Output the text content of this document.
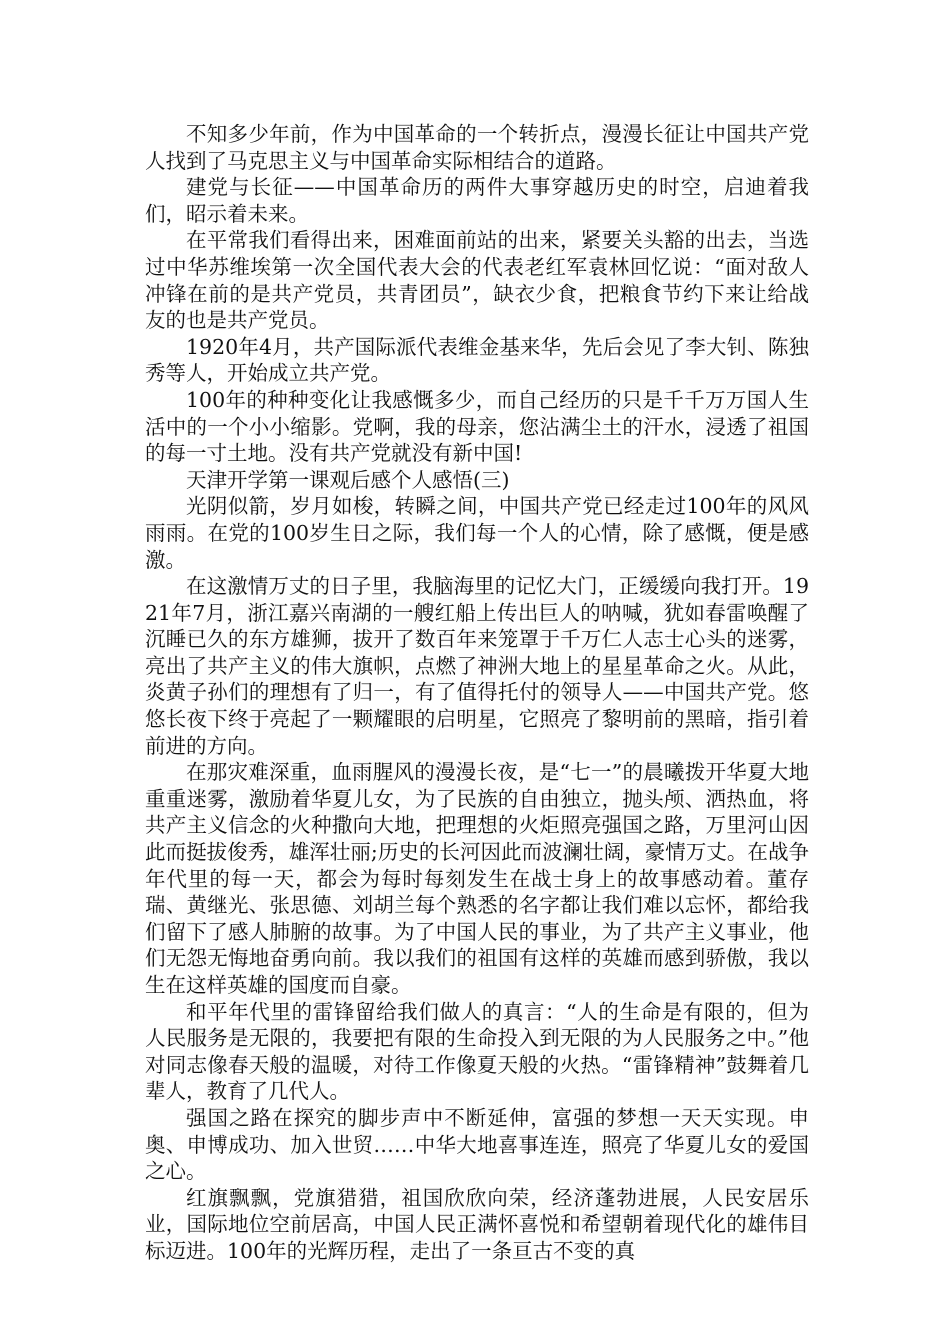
不知多少年前，作为中国革命的一个转折点，漫漫长征让中国共产党人找到了马克思主义与中国革命实际相结合的道路。

建党与长征——中国革命历的两件大事穿越历史的时空，启迪着我们，昭示着未来。

在平常我们看得出来，困难面前站的出来，紧要关头豁的出去，当选过中华苏维埃第一次全国代表大会的代表老红军袁林回忆说：“面对敌人冲锋在前的是共产党员，共青团员”，缺衣少食，把粮食节约下来让给战友的也是共产党员。

1920年4月，共产国际派代表维金基来华，先后会见了李大钊、陈独秀等人，开始成立共产党。

100年的种种变化让我感慨多少，而自己经历的只是千千万万国人生活中的一个小小缩影。党啊，我的母亲，您沾满尘土的汗水，浸透了祖国的每一寸土地。没有共产党就没有新中国!

天津开学第一课观后感个人感悟(三)

光阴似箭，岁月如梭，转瞬之间，中国共产党已经走过100年的风风雨雨。在党的100岁生日之际，我们每一个人的心情，除了感慨，便是感激。

在这激情万丈的日子里，我脑海里的记忆大门，正缓缓向我打开。1921年7月，浙江嘉兴南湖的一艘红船上传出巨人的呐喊，犹如春雷唤醒了沉睡已久的东方雄狮，拔开了数百年来笼罩于千万仁人志士心头的迷雾，亮出了共产主义的伟大旗帜，点燃了神洲大地上的星星革命之火。从此，炎黄子孙们的理想有了归一，有了值得托付的领导人——中国共产党。悠悠长夜下终于亮起了一颗耀眼的启明星，它照亮了黎明前的黑暗，指引着前进的方向。

在那灾难深重，血雨腥风的漫漫长夜，是“七一”的晨曦拨开华夏大地重重迷雾，激励着华夏儿女，为了民族的自由独立，抛头颅、洒热血，将共产主义信念的火种撒向大地，把理想的火炬照亮强国之路，万里河山因此而挺拔俊秀，雄浑壮丽;历史的长河因此而波澜壮阔，豪情万丈。在战争年代里的每一天，都会为每时每刻发生在战士身上的故事感动着。董存瑞、黄继光、张思德、刘胡兰每个熟悉的名字都让我们难以忘怀，都给我们留下了感人肺腑的故事。为了中国人民的事业，为了共产主义事业，他们无怨无悔地奋勇向前。我以我们的祖国有这样的英雄而感到骄傲，我以生在这样英雄的国度而自豪。

和平年代里的雷锋留给我们做人的真言：“人的生命是有限的，但为人民服务是无限的，我要把有限的生命投入到无限的为人民服务之中。”他对同志像春天般的温暖，对待工作像夏天般的火热。“雷锋精神”鼓舞着几辈人，教育了几代人。

强国之路在探究的脚步声中不断延伸，富强的梦想一天天实现。申奥、申博成功、加入世贸……中华大地喜事连连，照亮了华夏儿女的爱国之心。

红旗飘飘，党旗猎猎，祖国欣欣向荣，经济蓬勃进展，人民安居乐业，国际地位空前居高，中国人民正满怀喜悦和希望朝着现代化的雄伟目标迈进。100年的光辉历程，走出了一条亘古不变的真
